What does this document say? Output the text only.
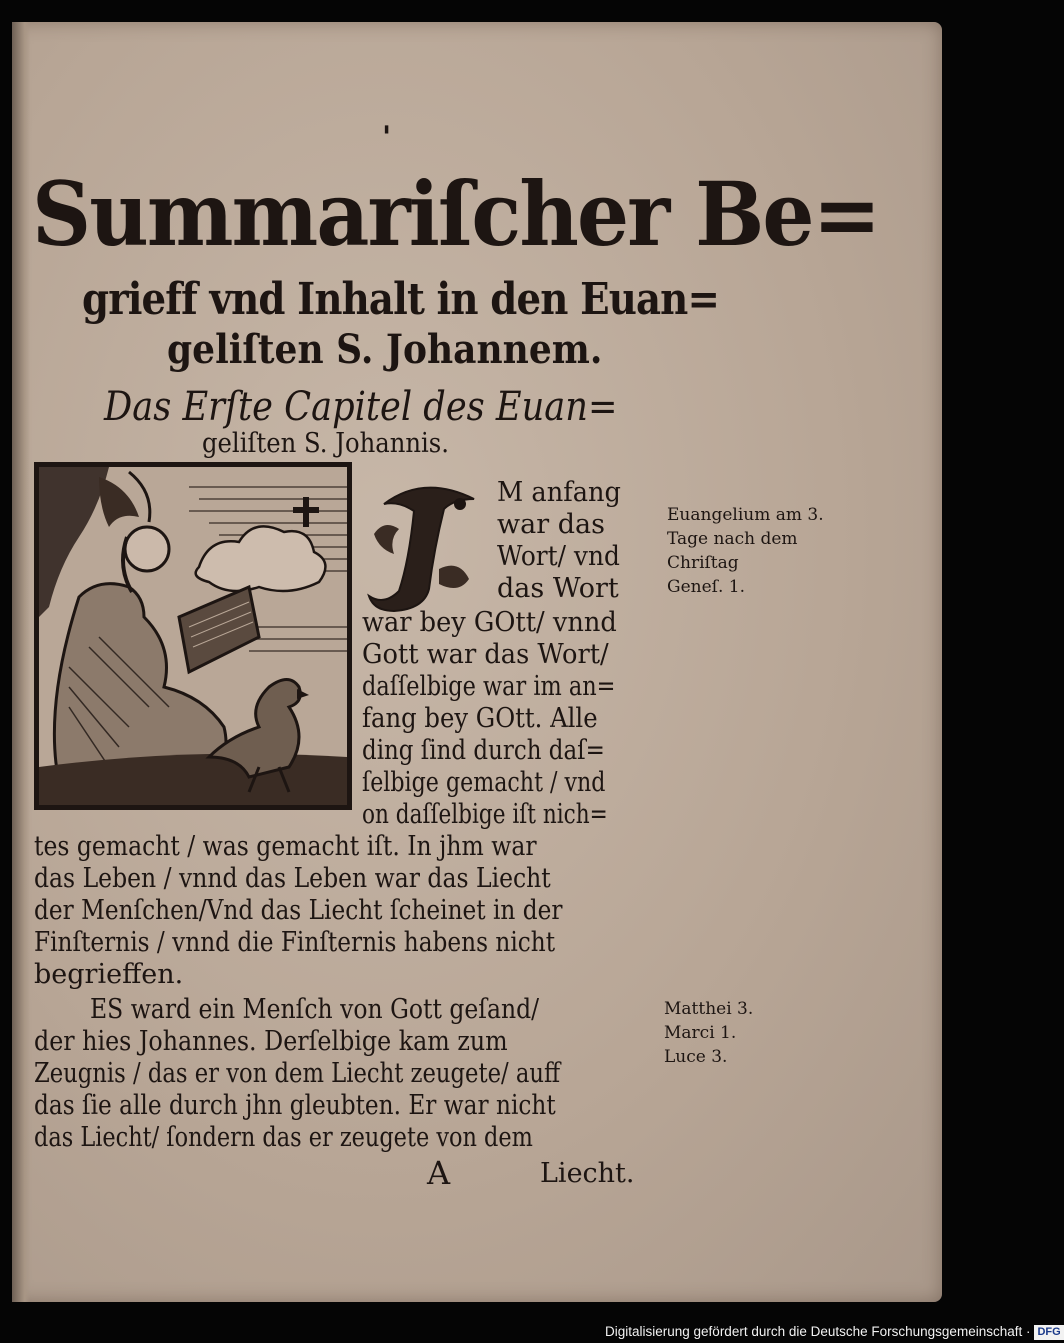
'
Summariſcher Be=
grieff vnd Inhalt in den Euan=
geliſten S. Johannem.
Das Erſte Capitel des Euan=
geliſten S. Johannis.
M anfang
war das
Wort/ vnd
das Wort
war bey GOtt/ vnnd
Gott war das Wort/
daſſelbige war im an=
fang bey GOtt. Alle
ding ſind durch daſ=
ſelbige gemacht / vnd
on daſſelbige iſt nich=
tes gemacht / was gemacht iſt. In jhm war
das Leben / vnnd das Leben war das Liecht
der Menſchen/Vnd das Liecht ſcheinet in der
Finſternis / vnnd die Finſternis habens nicht
begrieffen.
ES ward ein Menſch von Gott geſand/
der hies Johannes. Derſelbige kam zum
Zeugnis / das er von dem Liecht zeugete/ auff
das ſie alle durch jhn gleubten. Er war nicht
das Liecht/ ſondern das er zeugete von dem
A	Liecht.
Euangelium am 3.
Tage nach dem
Chriſtag
Geneſ. 1.
Matthei 3.
Marci 1.
Luce 3.
Digitalisierung gefördert durch die Deutsche Forschungsgemeinschaft · DFG
